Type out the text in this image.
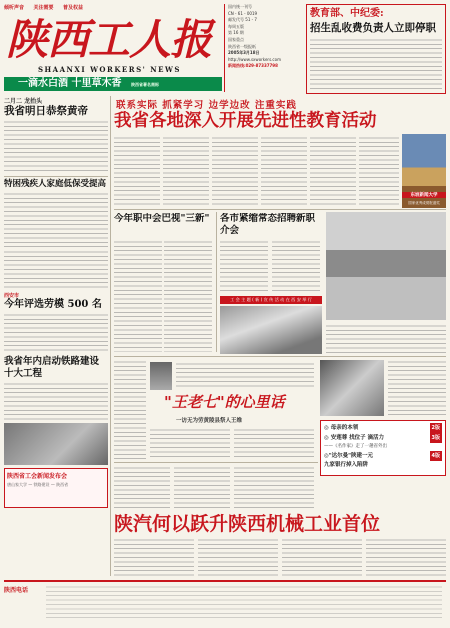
倾听声音 关注需要 普及权益
陕西工人报
SHAANXI WORKERS' NEWS
一滴水白酒 十里草木香 陕西省著名商标
国内统一刊号
CN - 61 - 0019
邮发代号 51 - 7
每周五版
第 16 期
国家重点
陕西省一级报纸
2005年3月18日
http://www.sxworkers.com
新闻热线:029-87337798
教育部、中纪委:
招生乱收费负责人立即停职
二月二 龙抬头
我省明日恭祭黄帝
特困残疾人家庭低保受提高
西安市
今年评选劳模 500 名
我省年内启动铁路建设十大工程
陕西省工会新闻发布会
唐山家大学 — 铁路建设 — 陕西省
联系实际 抓紧学习 边学边改 注重实践
我省各地深入开展先进性教育活动
东坡新闻大学
国家优秀成绩报道奖
今年职中会巴视"三新"	各市紧缩常态招聘新职介会
工 会 主 题 ( 新 ) 宣 传 活 动 在 西 安 举 行
"王老七"的心里话
一访无为劳黄陵县祭人王维
◎ 母亲的本领	2版
◎ 安莲尊 找位子 滴活力	3版
——《名作家》走了一趟省外出
◎"达尔曼"陕建一元	4版
九家银行掉入陷阱
陕汽何以跃升陕西机械工业首位
陕西电话
